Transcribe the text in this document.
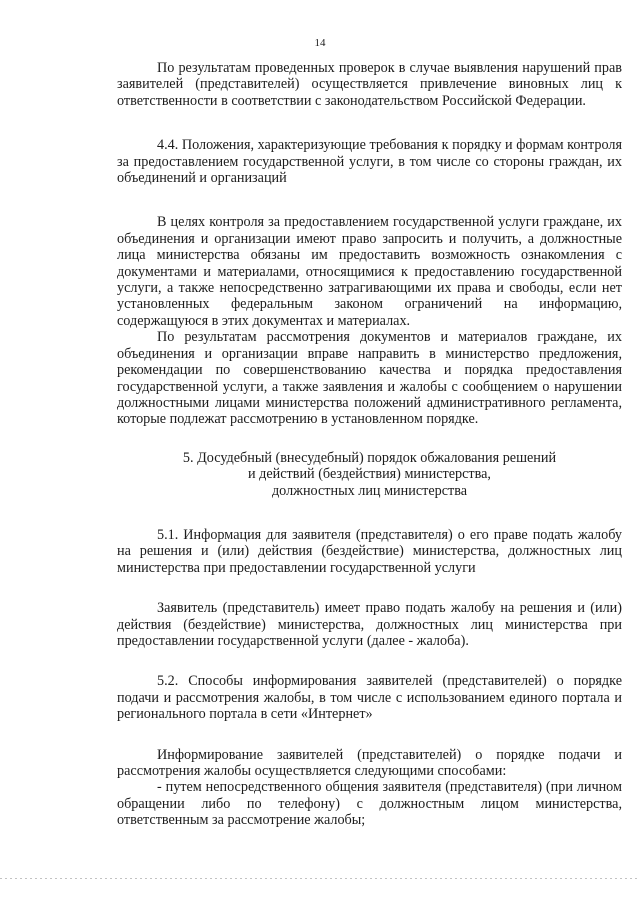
14

По результатам проведенных проверок в случае выявления нарушений прав заявителей (представителей) осуществляется привлечение виновных лиц к ответственности в соответствии с законодательством Российской Федерации.

4.4. Положения, характеризующие требования к порядку и формам контроля за предоставлением государственной услуги, в том числе со стороны граждан, их объединений и организаций

В целях контроля за предоставлением государственной услуги граждане, их объединения и организации имеют право запросить и получить, а должностные лица министерства обязаны им предоставить возможность ознакомления с документами и материалами, относящимися к предоставлению государственной услуги, а также непосредственно затрагивающими их права и свободы, если нет установленных федеральным законом ограничений на информацию, содержащуюся в этих документах и материалах.

По результатам рассмотрения документов и материалов граждане, их объединения и организации вправе направить в министерство предложения, рекомендации по совершенствованию качества и порядка предоставления государственной услуги, а также заявления и жалобы с сообщением о нарушении должностными лицами министерства положений административного регламента, которые подлежат рассмотрению в установленном порядке.

5. Досудебный (внесудебный) порядок обжалования решений
и действий (бездействия) министерства,
должностных лиц министерства

5.1. Информация для заявителя (представителя) о его праве подать жалобу на решения и (или) действия (бездействие) министерства, должностных лиц министерства при предоставлении государственной услуги

Заявитель (представитель) имеет право подать жалобу на решения и (или) действия (бездействие) министерства, должностных лиц министерства при предоставлении государственной услуги (далее - жалоба).

5.2. Способы информирования заявителей (представителей) о порядке подачи и рассмотрения жалобы, в том числе с использованием единого портала и регионального портала в сети «Интернет»

Информирование заявителей (представителей) о порядке подачи и рассмотрения жалобы осуществляется следующими способами:

- путем непосредственного общения заявителя (представителя) (при личном обращении либо по телефону) с должностным лицом министерства, ответственным за рассмотрение жалобы;
